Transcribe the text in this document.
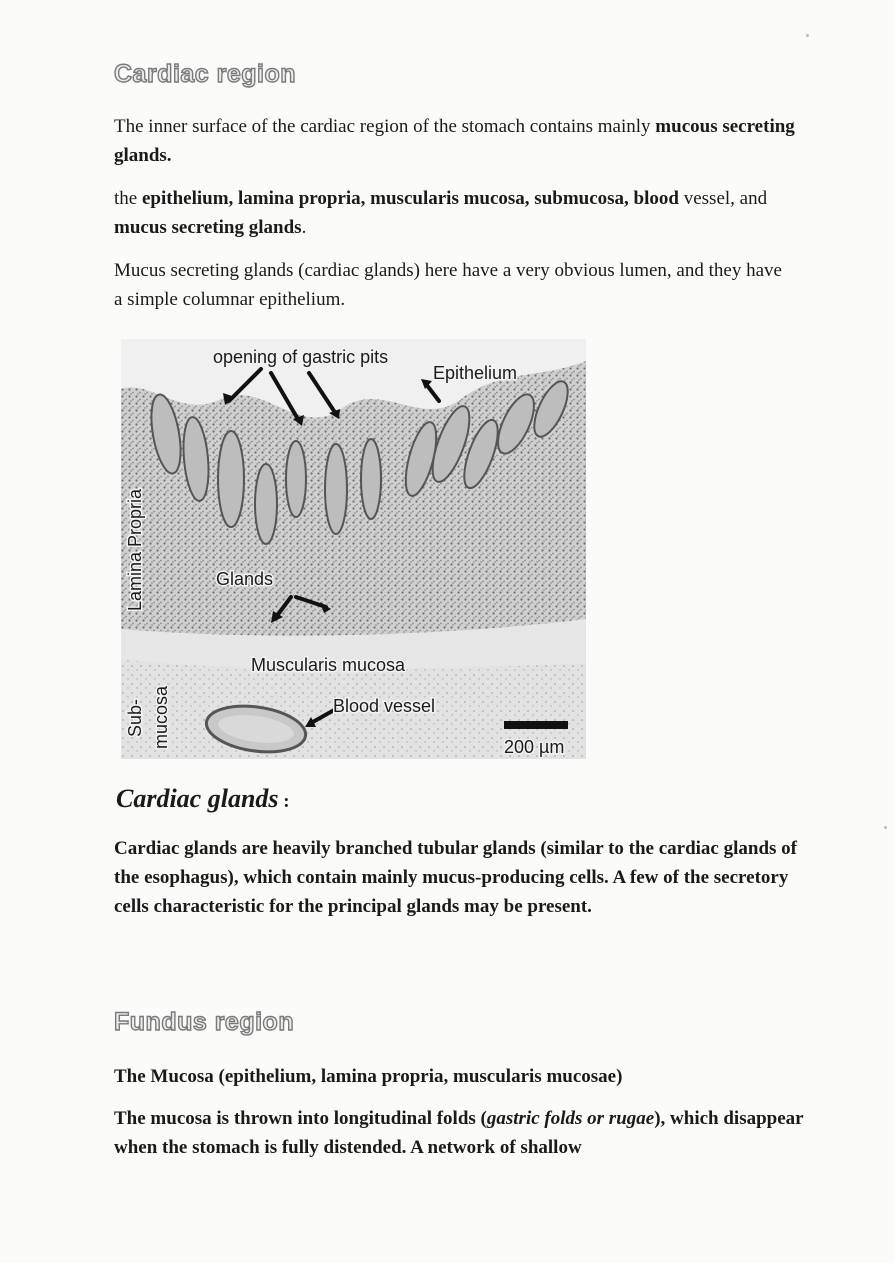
Cardiac region

The inner surface of the cardiac region of the stomach contains mainly mucous secreting glands.

the epithelium, lamina propria, muscularis mucosa, submucosa, blood vessel, and mucus secreting glands.

Mucus secreting glands (cardiac glands) here have a very obvious lumen, and they have a simple columnar epithelium.

opening of gastric pits
Epithelium
Glands
Muscularis mucosa
Blood vessel
200 µm
Lamina Propria
Sub- mucosa
Cardiac glands :

Cardiac glands are heavily branched tubular glands (similar to the cardiac glands of the esophagus), which contain mainly mucus-producing cells. A few of the secretory cells characteristic for the principal glands may be present.

Fundus region

The Mucosa (epithelium, lamina propria, muscularis mucosae)

The mucosa is thrown into longitudinal folds (gastric folds or rugae), which disappear when the stomach is fully distended. A network of shallow
